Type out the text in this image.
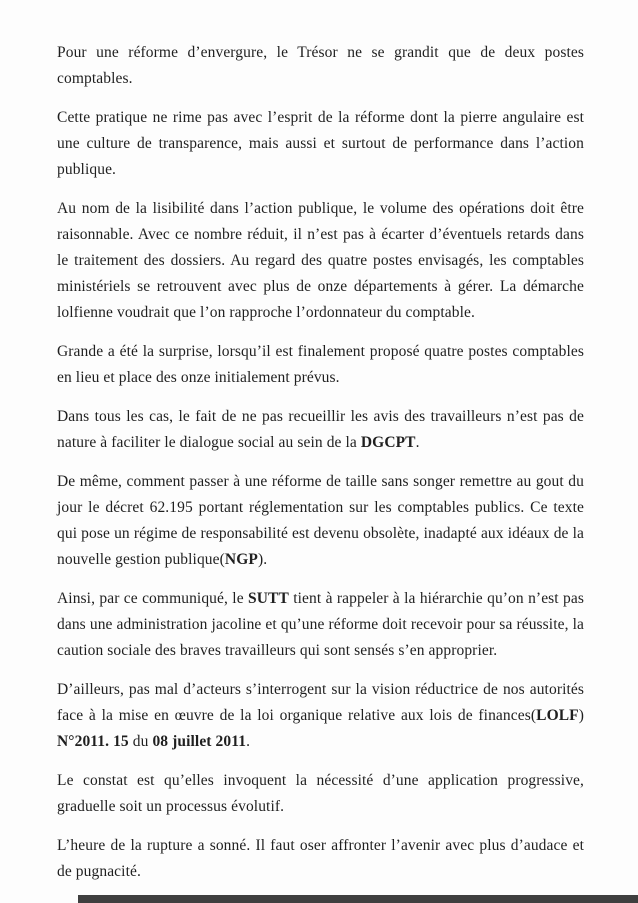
Pour une réforme d’envergure, le Trésor ne se grandit que de deux postes comptables.

Cette pratique ne rime pas avec l’esprit de la réforme dont la pierre angulaire est une culture de transparence, mais aussi et surtout de performance dans l’action publique.

Au nom de la lisibilité dans l’action publique, le volume des opérations doit être raisonnable. Avec ce nombre réduit, il n’est pas à écarter d’éventuels retards dans le traitement des dossiers. Au regard des quatre postes envisagés, les comptables ministériels se retrouvent avec plus de onze départements à gérer. La démarche lolfienne voudrait que l’on rapproche l’ordonnateur du comptable.

Grande a été la surprise, lorsqu’il est finalement proposé quatre postes comptables en lieu et place des onze initialement prévus.

Dans tous les cas, le fait de ne pas recueillir les avis des travailleurs n’est pas de nature à faciliter le dialogue social au sein de la DGCPT.

De même, comment passer à une réforme de taille sans songer remettre au gout du jour le décret 62.195 portant réglementation sur les comptables publics. Ce texte qui pose un régime de responsabilité est devenu obsolète, inadapté aux idéaux de la nouvelle gestion publique(NGP).

Ainsi, par ce communiqué, le SUTT tient à rappeler à la hiérarchie qu’on n’est pas dans une administration jacoline et qu’une réforme doit recevoir pour sa réussite, la caution sociale des braves travailleurs qui sont sensés s’en approprier.

D’ailleurs, pas mal d’acteurs s’interrogent sur la vision réductrice de nos autorités face à la mise en œuvre de la loi organique relative aux lois de finances(LOLF) N°2011. 15 du 08 juillet 2011.

Le constat est qu’elles invoquent la nécessité d’une application progressive, graduelle soit un processus évolutif.

L’heure de la rupture a sonné. Il faut oser affronter l’avenir avec plus d’audace et de pugnacité.
